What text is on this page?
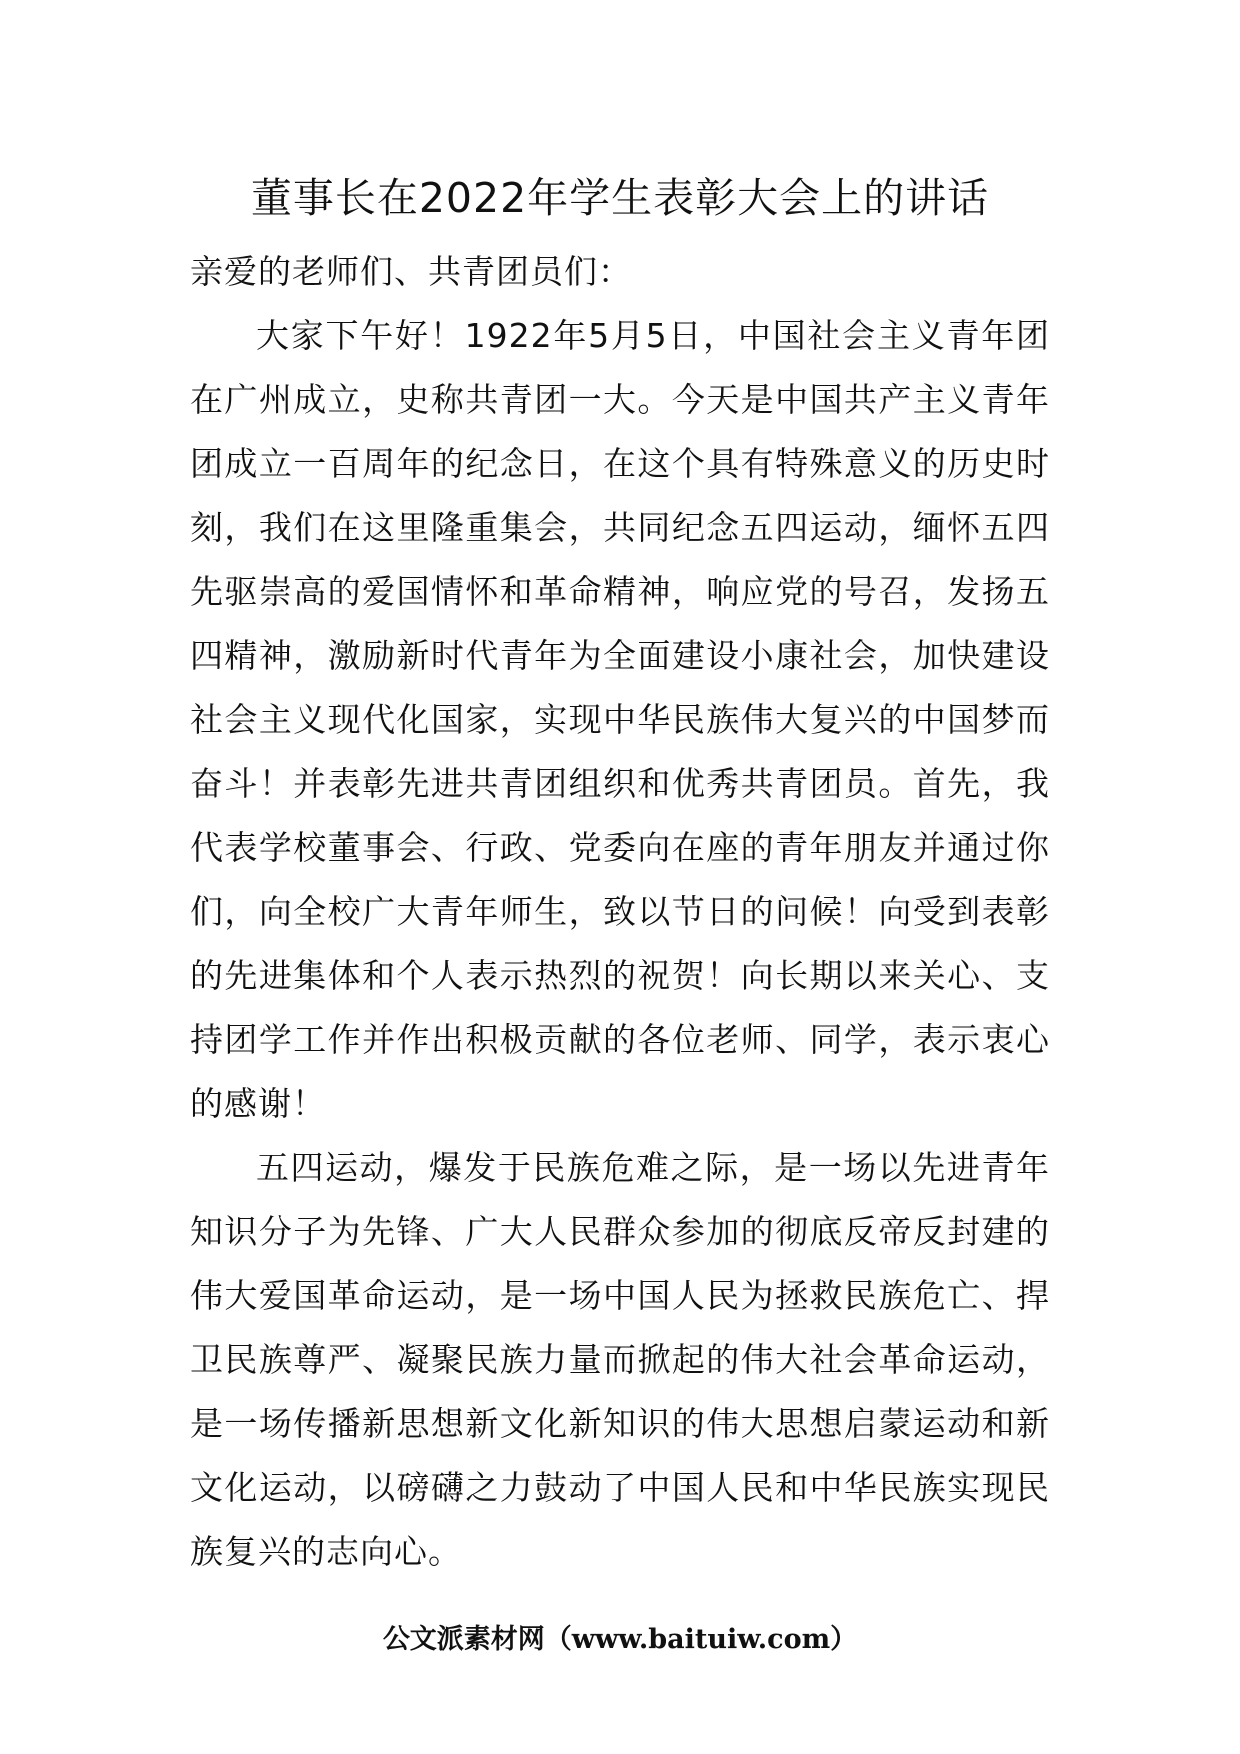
董事长在2022年学生表彰大会上的讲话

亲爱的老师们、共青团员们：

大家下午好！1922年5月5日，中国社会主义青年团在广州成立，史称共青团一大。今天是中国共产主义青年团成立一百周年的纪念日，在这个具有特殊意义的历史时刻，我们在这里隆重集会，共同纪念五四运动，缅怀五四先驱崇高的爱国情怀和革命精神，响应党的号召，发扬五四精神，激励新时代青年为全面建设小康社会，加快建设社会主义现代化国家，实现中华民族伟大复兴的中国梦而奋斗！并表彰先进共青团组织和优秀共青团员。首先，我代表学校董事会、行政、党委向在座的青年朋友并通过你们，向全校广大青年师生，致以节日的问候！向受到表彰的先进集体和个人表示热烈的祝贺！向长期以来关心、支持团学工作并作出积极贡献的各位老师、同学，表示衷心的感谢！

五四运动，爆发于民族危难之际，是一场以先进青年知识分子为先锋、广大人民群众参加的彻底反帝反封建的伟大爱国革命运动，是一场中国人民为拯救民族危亡、捍卫民族尊严、凝聚民族力量而掀起的伟大社会革命运动，是一场传播新思想新文化新知识的伟大思想启蒙运动和新文化运动，以磅礴之力鼓动了中国人民和中华民族实现民族复兴的志向心。

公文派素材网（www.baituiw.com）
